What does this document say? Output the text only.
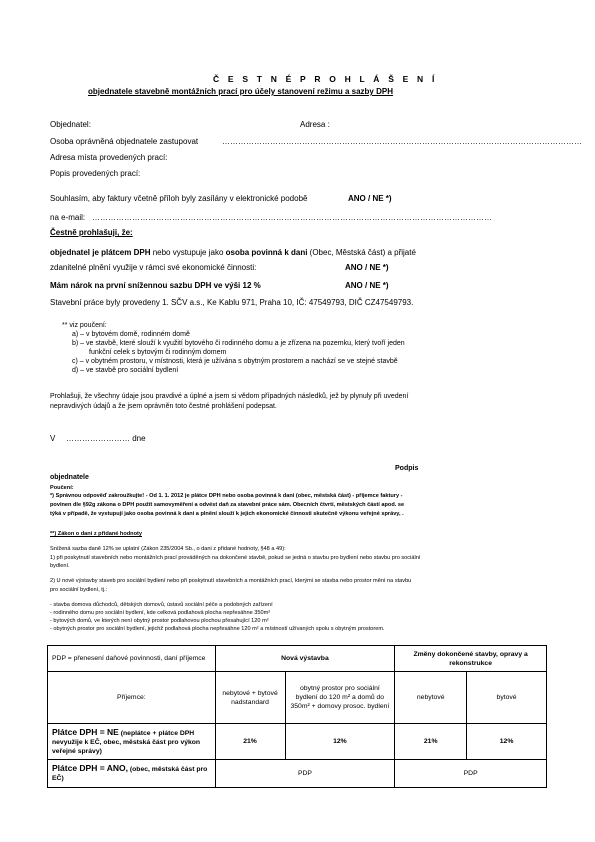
Č E S T N É P R O H L Á Š E N Í
objednatele stavebně montážních prací pro účely stanovení režimu a sazby DPH
Objednatel:	Adresa :
Osoba oprávněná objednatele zastupovat	………………………………………………………………………………………………………………………
Adresa místa provedených prací:
Popis provedených prací:
Souhlasím, aby faktury včetně příloh byly zasílány v elektronické podobě	ANO / NE *)
na e-mail: ……………………………………………………………………………………………………………………………………
Čestně prohlašuji, že:
objednatel je plátcem DPH nebo vystupuje jako osoba povinná k dani (Obec, Městská část) a přijaté
zdanitelné plnění využije v rámci své ekonomické činnosti:	ANO / NE *)
Mám nárok na první snížennou sazbu DPH ve výši 12 %	ANO / NE *)
Stavební práce byly provedeny 1. SČV a.s., Ke Kablu 971, Praha 10, IČ: 47549793, DIČ CZ47549793.
** viz poučení:
a) – v bytovém domě, rodinném domě
b) – ve stavbě, které slouží k využití bytového či rodinného domu a je zřízena na pozemku, který tvoří jeden
funkční celek s bytovým či rodinným domem
c) – v obytném prostoru, v místnosti, která je užívána s obytným prostorem a nachází se ve stejné stavbě
d) – ve stavbě pro sociální bydlení
Prohlašuji, že všechny údaje jsou pravdivé a úplné a jsem si vědom případných následků, jež by plynuly při uvedení
nepravdivých údajů a že jsem oprávněn toto čestné prohlášení podepsat.
V …………………… dne
Podpis
objednatele
Poučení:
*) Správnou odpověď zakroužkujte! - Od 1. 1. 2012 je plátce DPH nebo osoba povinná k dani (obec, městská část) - příjemce faktury -
povinen dle §92g zákona o DPH použít samovyměření a odvést daň za stavební práce sám. Obecních čtvrtí, městských částí apod. se
týká v případě, že vystupují jako osoba povinná k dani a plnění slouží k jejich ekonomické činnosti skutečně výkonu veřejné správy, .
**) Zákon o dani z přidané hodnoty
Snížená sazba daně 12% se uplatní (Zákon 235/2004 Sb., o dani z přidané hodnoty, §48 a 49):
1) při poskytnutí stavebních nebo montážních prací prováděných na dokončené stavbě, pokud se jedná o stavbu pro bydlení nebo stavbu pro sociální
bydlení.
2) U nové výstavby staveb pro sociální bydlení nebo při poskytnutí stavebních a montážních prací, kterými se stavba nebo prostor mění na stavbu
pro sociální bydlení, tj.:
- stavba domova důchodců, dětských domovů, ústavů sociální péče a podobných zařízení
- rodinného domu pro sociální bydlení, kde celková podlahová plocha nepřesáhne 350m²
- bytových domů, ve kterých není obytný prostor podlahovou plochou přesahující 120 m²
- obytných prostor pro sociální bydlení, jejichž podlahová plocha nepřesáhne 120 m² a místností užívaných spolu s obytným prostorem.
PDP = přenesení daňové povinnosti, daní příjemce	Nová výstavba		Změny dokončené stavby, opravy a rekonstrukce	
Příjemce:	nebytové + bytové nadstandard	obytný prostor pro sociální bydlení do 120 m² a domů do 350m² + domovy prosoc. bydlení	nebytové	bytové
Plátce DPH = NE (neplátce + plátce DPH nevyužije k EČ, obec, městská část pro výkon veřejné správy)	21%	12%	21%	12%
Plátce DPH = ANO, (obec, městská část pro EČ)	PDP		PDP	
